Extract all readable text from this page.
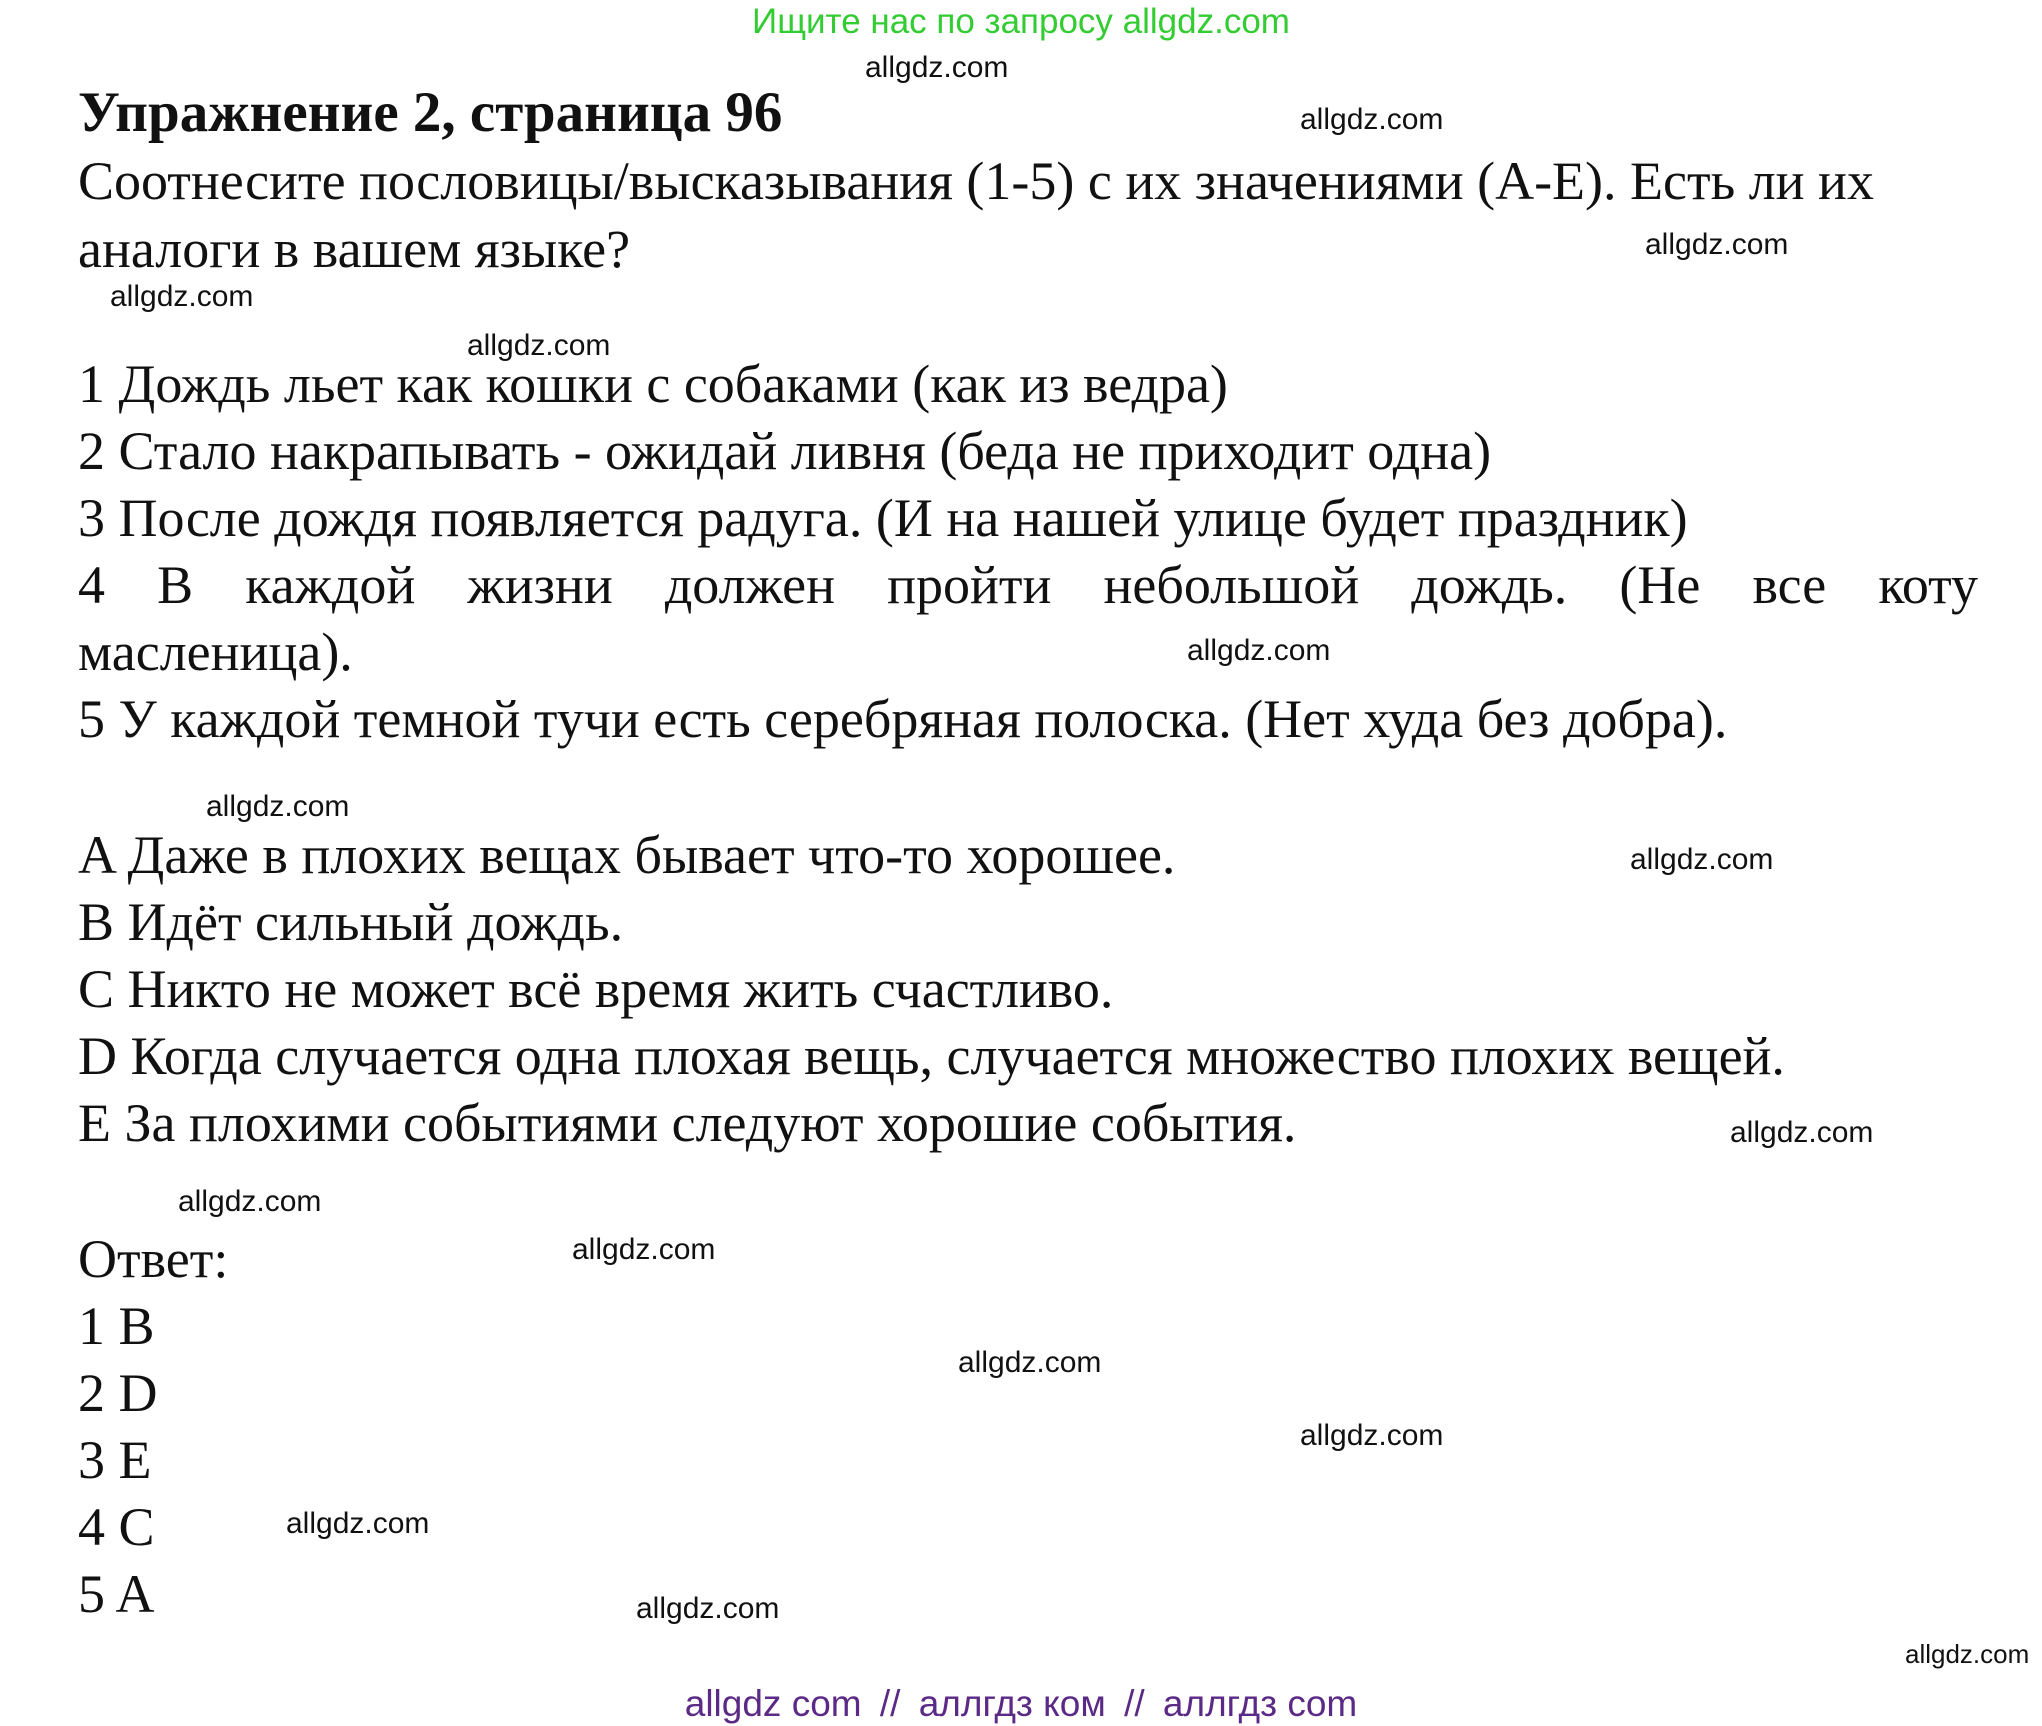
Ищите нас по запросу allgdz.com
Упражнение 2, страница 96
Соотнесите пословицы/высказывания (1-5) с их значениями (A-E). Есть ли их аналоги в вашем языке?
1 Дождь льет как кошки с собаками (как из ведра)
2 Стало накрапывать - ожидай ливня (беда не приходит одна)
3 После дождя появляется радуга. (И на нашей улице будет праздник)
4 В каждой жизни должен пройти небольшой дождь. (Не все коту
масленица).
5 У каждой темной тучи есть серебряная полоска. (Нет худа без добра).
A Даже в плохих вещах бывает что-то хорошее.
B Идёт сильный дождь.
C Никто не может всё время жить счастливо.
D Когда случается одна плохая вещь, случается множество плохих вещей.
E За плохими событиями следуют хорошие события.
Ответ:
1 B
2 D
3 E
4 C
5 A
allgdz.com
allgdz.com
allgdz.com
allgdz.com
allgdz.com
allgdz.com
allgdz.com
allgdz.com
allgdz.com
allgdz.com
allgdz.com
allgdz.com
allgdz.com
allgdz.com
allgdz.com
allgdz.com
allgdz com // аллгдз ком // аллгдз com
